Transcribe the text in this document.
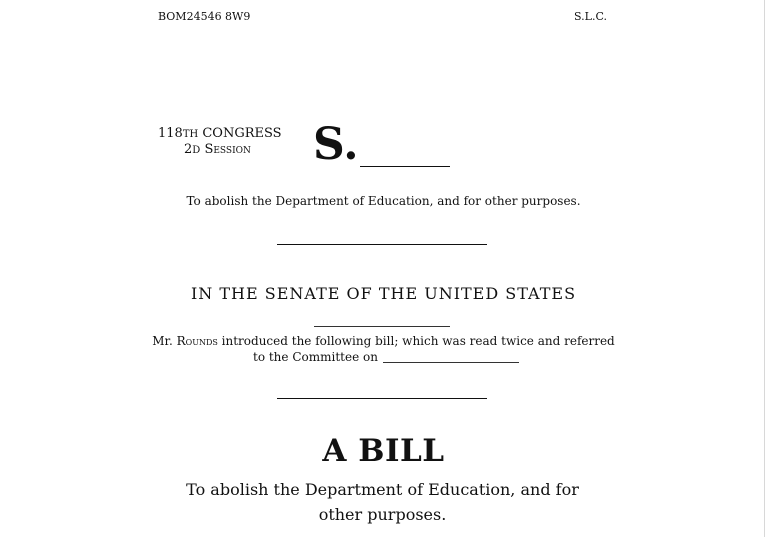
BOM24546 8W9	S.L.C.
118TH CONGRESS
2D Session	S.
To abolish the Department of Education, and for other purposes.
IN THE SENATE OF THE UNITED STATES
Mr. Rounds introduced the following bill; which was read twice and referred
to the Committee on
A BILL
To abolish the Department of Education, and for other purposes.
